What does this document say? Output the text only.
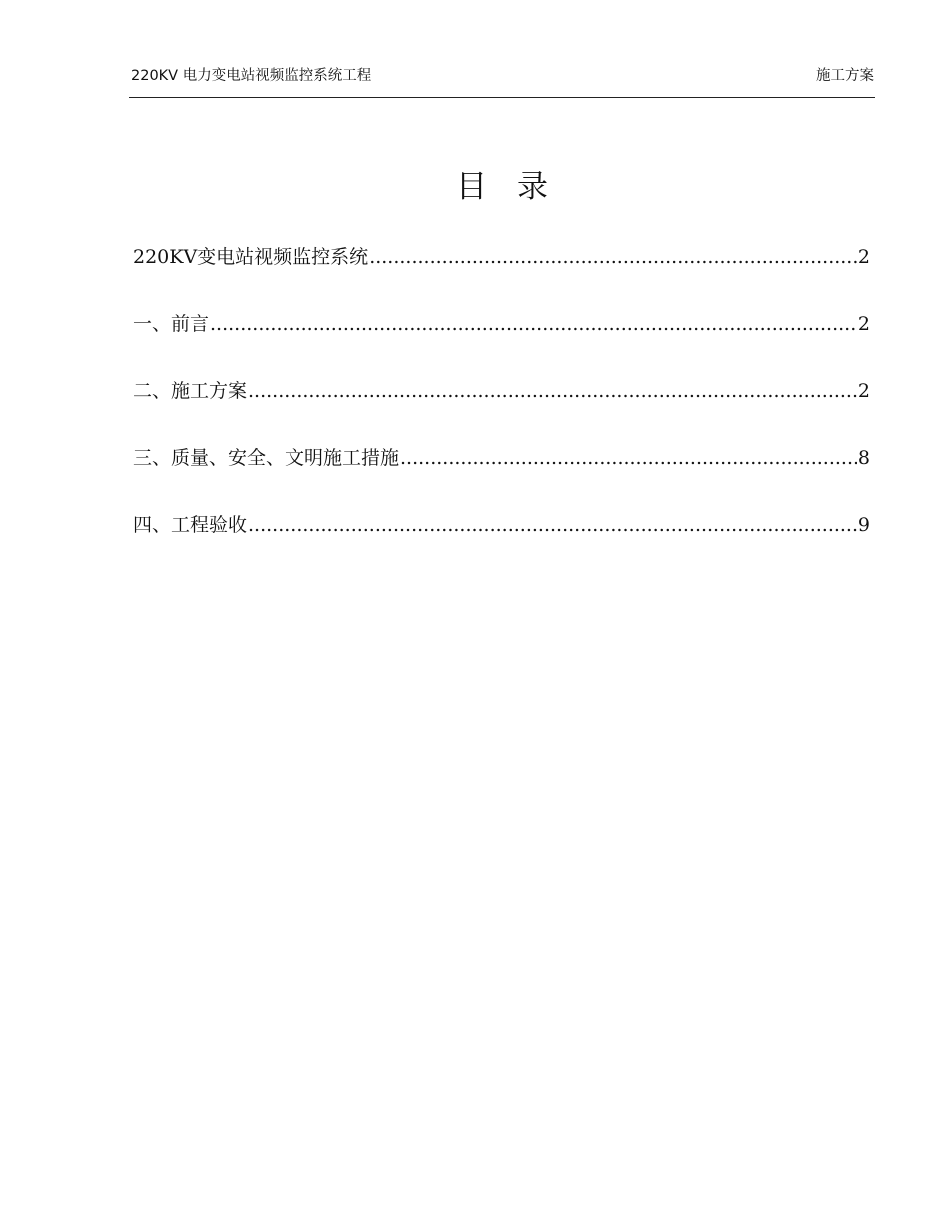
220KV 电力变电站视频监控系统工程	施工方案
目 录
220KV变电站视频监控系统 .....	2
一、前言 .....	2
二、施工方案 .....	2
三、质量、安全、文明施工措施 .....	8
四、工程验收 .....	9
